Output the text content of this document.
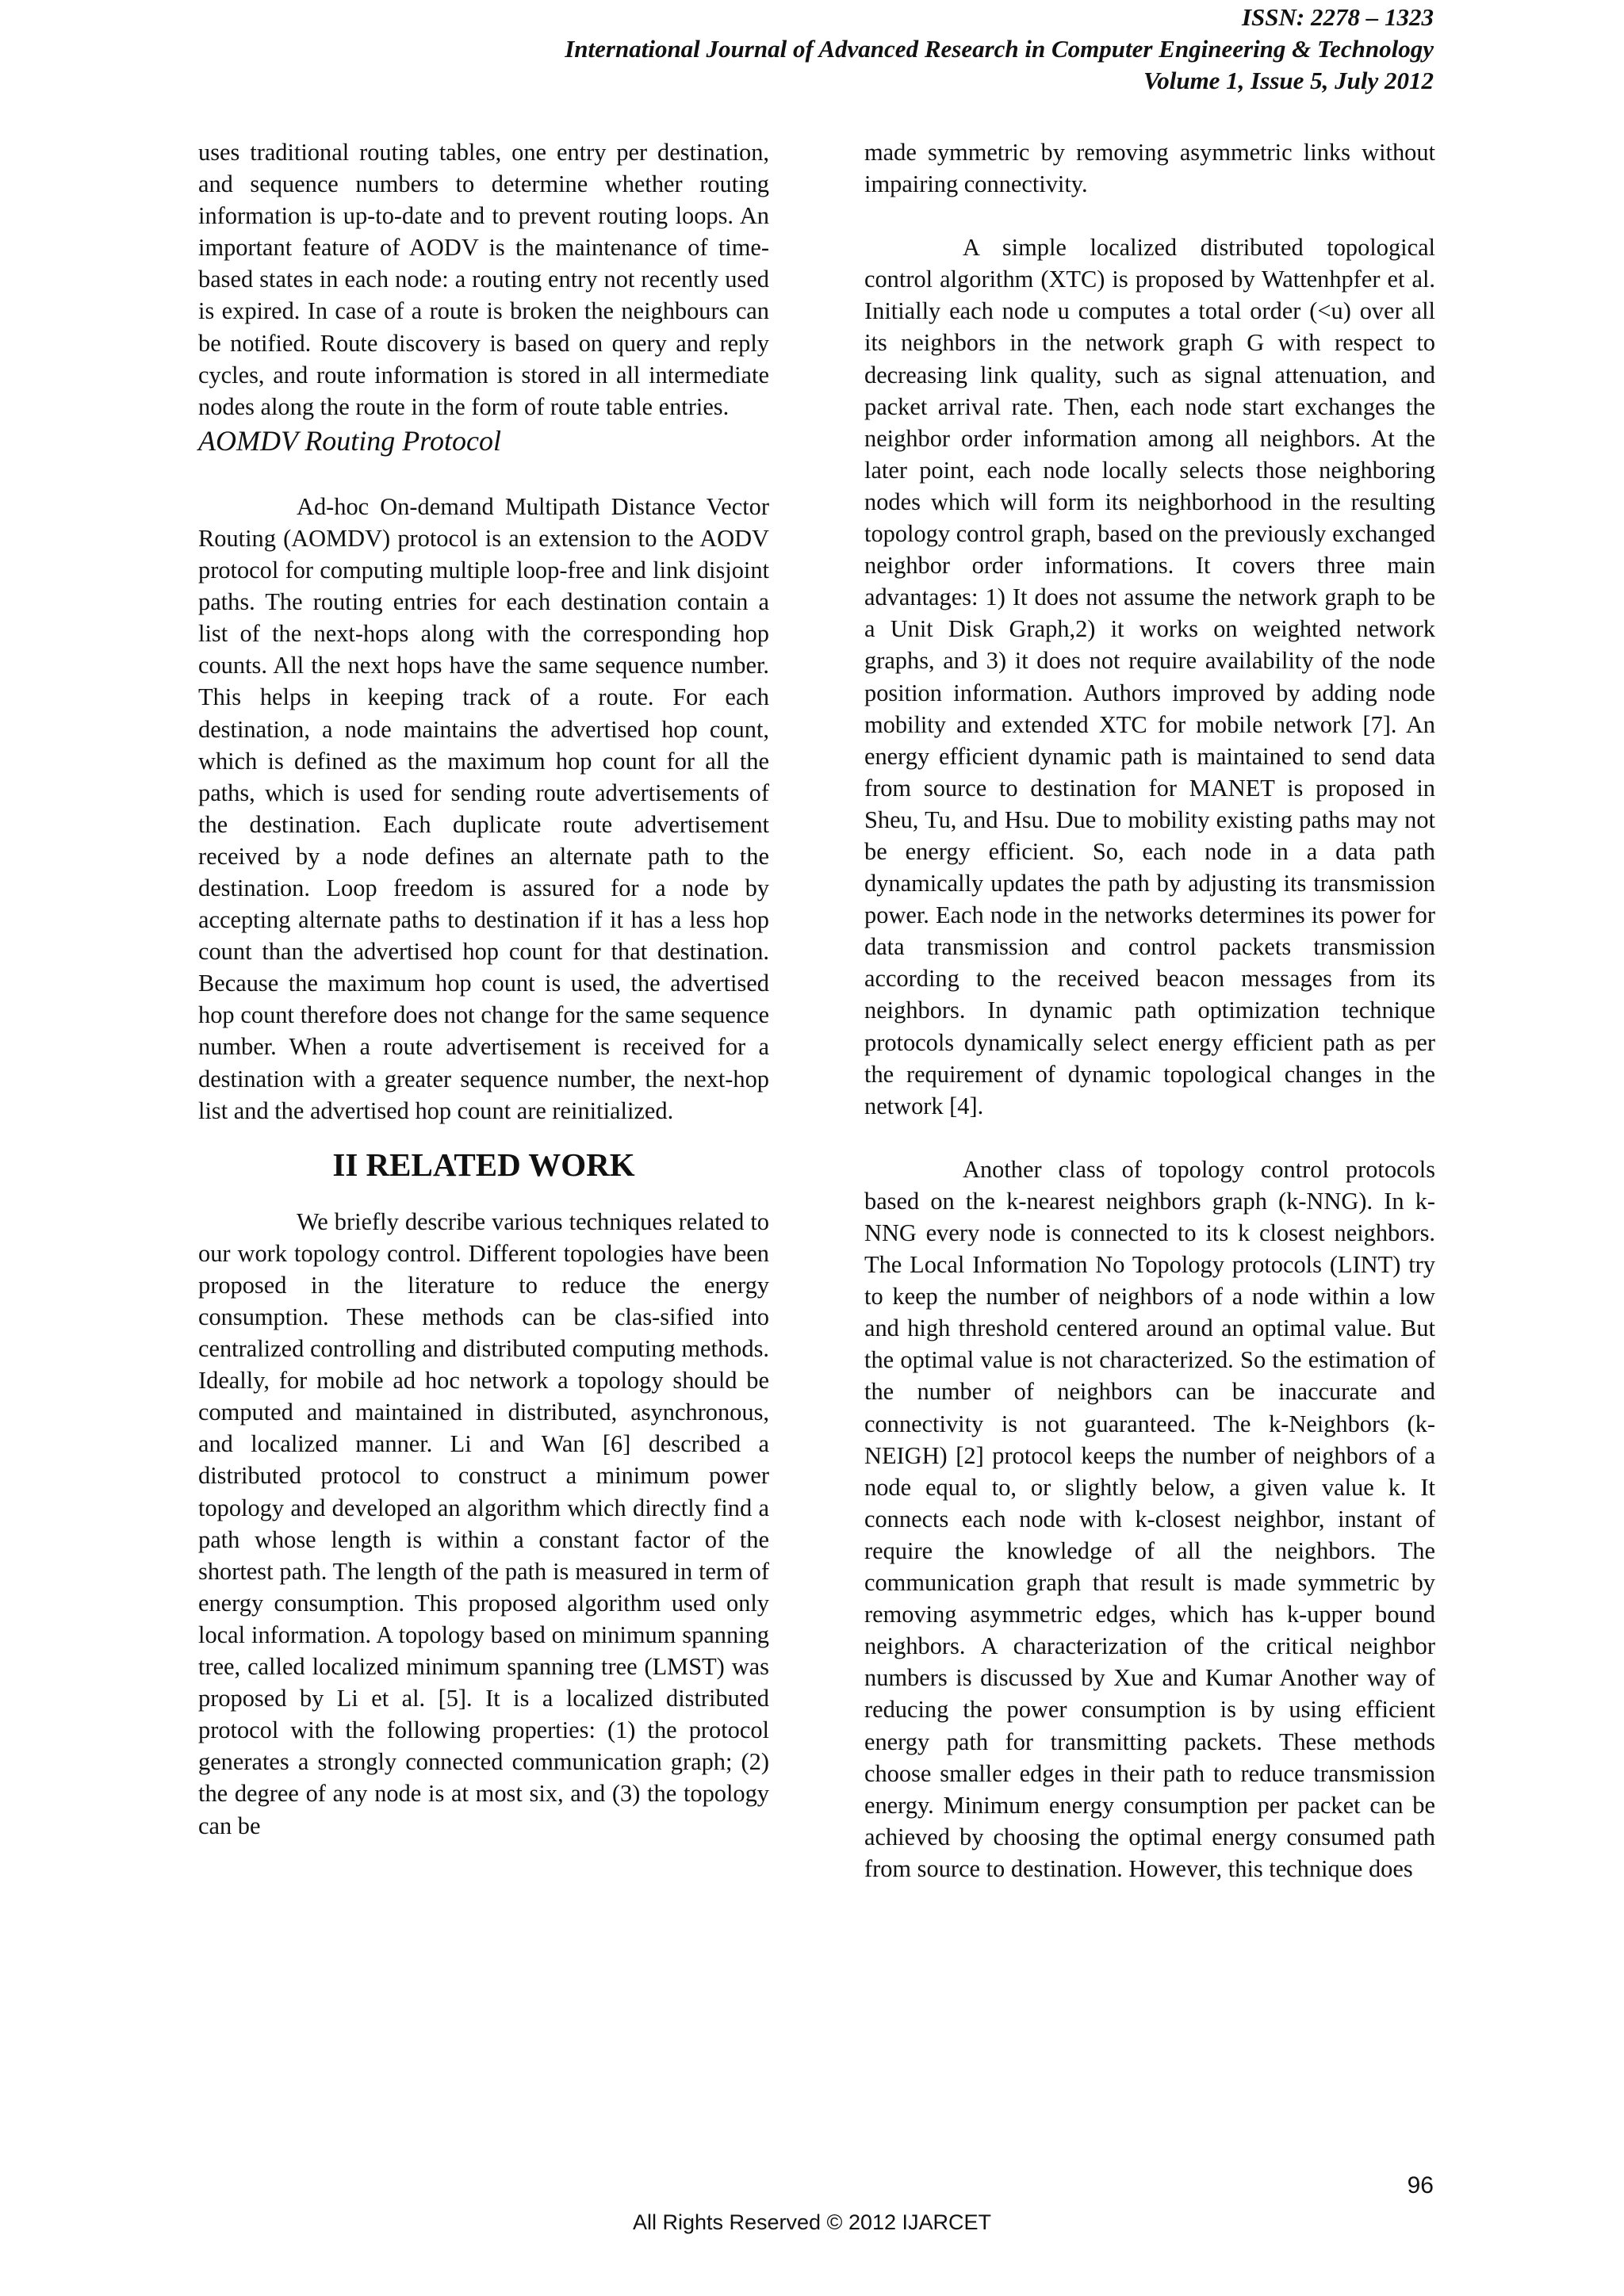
ISSN: 2278 – 1323
International Journal of Advanced Research in Computer Engineering & Technology
Volume 1, Issue 5, July 2012

uses traditional routing tables, one entry per destination, and sequence numbers to determine whether routing information is up-to-date and to prevent routing loops. An important feature of AODV is the maintenance of time-based states in each node: a routing entry not recently used is expired. In case of a route is broken the neighbours can be notified. Route discovery is based on query and reply cycles, and route information is stored in all intermediate nodes along the route in the form of route table entries.

AOMDV Routing Protocol

Ad-hoc On-demand Multipath Distance Vector Routing (AOMDV) protocol is an extension to the AODV protocol for computing multiple loop-free and link disjoint paths. The routing entries for each destination contain a list of the next-hops along with the corresponding hop counts. All the next hops have the same sequence number. This helps in keeping track of a route. For each destination, a node maintains the advertised hop count, which is defined as the maximum hop count for all the paths, which is used for sending route advertisements of the destination. Each duplicate route advertisement received by a node defines an alternate path to the destination. Loop freedom is assured for a node by accepting alternate paths to destination if it has a less hop count than the advertised hop count for that destination. Because the maximum hop count is used, the advertised hop count therefore does not change for the same sequence number. When a route advertisement is received for a destination with a greater sequence number, the next-hop list and the advertised hop count are reinitialized.

II RELATED WORK

We briefly describe various techniques related to our work topology control. Different topologies have been proposed in the literature to reduce the energy consumption. These methods can be clas-sified into centralized controlling and distributed computing methods. Ideally, for mobile ad hoc network a topology should be computed and maintained in distributed, asynchronous, and localized manner. Li and Wan [6] described a distributed protocol to construct a minimum power topology and developed an algorithm which directly find a path whose length is within a constant factor of the shortest path. The length of the path is measured in term of energy consumption. This proposed algorithm used only local information. A topology based on minimum spanning tree, called localized minimum spanning tree (LMST) was proposed by Li et al. [5]. It is a localized distributed protocol with the following properties: (1) the protocol generates a strongly connected communication graph; (2) the degree of any node is at most six, and (3) the topology can be

made symmetric by removing asymmetric links without impairing connectivity.

A simple localized distributed topological control algorithm (XTC) is proposed by Wattenhpfer et al. Initially each node u computes a total order (<u) over all its neighbors in the network graph G with respect to decreasing link quality, such as signal attenuation, and packet arrival rate. Then, each node start exchanges the neighbor order information among all neighbors. At the later point, each node locally selects those neighboring nodes which will form its neighborhood in the resulting topology control graph, based on the previously exchanged neighbor order informations. It covers three main advantages: 1) It does not assume the network graph to be a Unit Disk Graph,2) it works on weighted network graphs, and 3) it does not require availability of the node position information. Authors improved by adding node mobility and extended XTC for mobile network [7]. An energy efficient dynamic path is maintained to send data from source to destination for MANET is proposed in Sheu, Tu, and Hsu. Due to mobility existing paths may not be energy efficient. So, each node in a data path dynamically updates the path by adjusting its transmission power. Each node in the networks determines its power for data transmission and control packets transmission according to the received beacon messages from its neighbors. In dynamic path optimization technique protocols dynamically select energy efficient path as per the requirement of dynamic topological changes in the network [4].

Another class of topology control protocols based on the k-nearest neighbors graph (k-NNG). In k-NNG every node is connected to its k closest neighbors. The Local Information No Topology protocols (LINT) try to keep the number of neighbors of a node within a low and high threshold centered around an optimal value. But the optimal value is not characterized. So the estimation of the number of neighbors can be inaccurate and connectivity is not guaranteed. The k-Neighbors (k-NEIGH) [2] protocol keeps the number of neighbors of a node equal to, or slightly below, a given value k. It connects each node with k-closest neighbor, instant of require the knowledge of all the neighbors. The communication graph that result is made symmetric by removing asymmetric edges, which has k-upper bound neighbors. A characterization of the critical neighbor numbers is discussed by Xue and Kumar Another way of reducing the power consumption is by using efficient energy path for transmitting packets. These methods choose smaller edges in their path to reduce transmission energy. Minimum energy consumption per packet can be achieved by choosing the optimal energy consumed path from source to destination. However, this technique does

96
All Rights Reserved © 2012 IJARCET
